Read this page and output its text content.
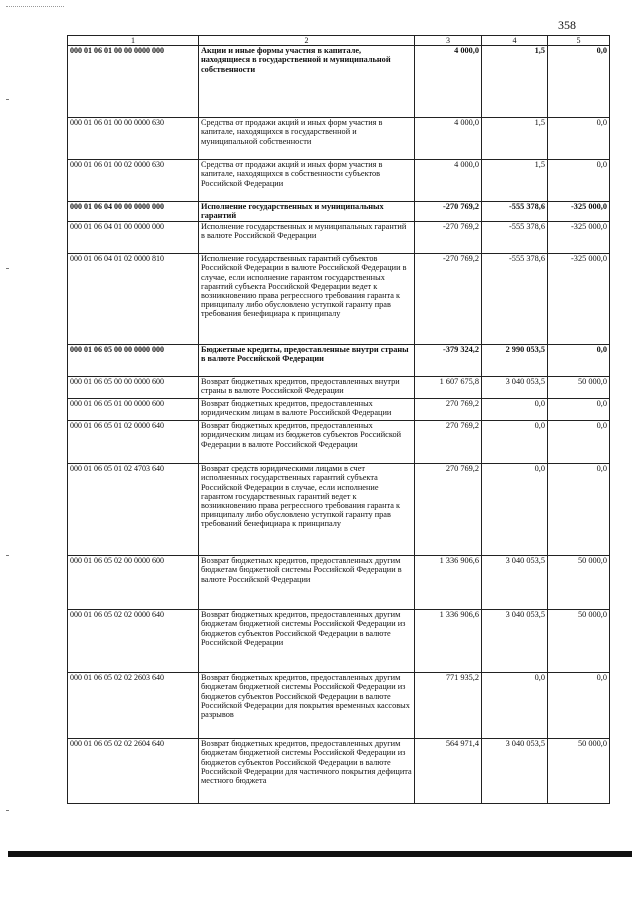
358
1	2	3	4	5
000 01 06 01 00 00 0000 000	Акции и иные формы участия в капитале, находящиеся в государственной и муниципальной собственности	4 000,0	1,5	0,0
000 01 06 01 00 00 0000 630	Средства от продажи акций и иных форм участия в капитале, находящихся в государственной и муниципальной собственности	4 000,0	1,5	0,0
000 01 06 01 00 02 0000 630	Средства от продажи акций и иных форм участия в капитале, находящихся в собственности субъектов Российской Федерации	4 000,0	1,5	0,0
000 01 06 04 00 00 0000 000	Исполнение государственных и муниципальных гарантий	-270 769,2	-555 378,6	-325 000,0
000 01 06 04 01 00 0000 000	Исполнение государственных и муниципальных гарантий в валюте Российской Федерации	-270 769,2	-555 378,6	-325 000,0
000 01 06 04 01 02 0000 810	Исполнение государственных гарантий субъектов Российской Федерации в валюте Российской Федерации в случае, если исполнение гарантом государственных гарантий субъекта Российской Федерации ведет к возникновению права регрессного требования гаранта к принципалу либо обусловлено уступкой гаранту прав требования бенефициара к принципалу	-270 769,2	-555 378,6	-325 000,0
000 01 06 05 00 00 0000 000	Бюджетные кредиты, предоставленные внутри страны в валюте Российской Федерации	-379 324,2	2 990 053,5	0,0
000 01 06 05 00 00 0000 600	Возврат бюджетных кредитов, предоставленных внутри страны в валюте Российской Федерации	1 607 675,8	3 040 053,5	50 000,0
000 01 06 05 01 00 0000 600	Возврат бюджетных кредитов, предоставленных юридическим лицам в валюте Российской Федерации	270 769,2	0,0	0,0
000 01 06 05 01 02 0000 640	Возврат бюджетных кредитов, предоставленных юридическим лицам из бюджетов субъектов Российской Федерации в валюте Российской Федерации	270 769,2	0,0	0,0
000 01 06 05 01 02 4703 640	Возврат средств юридическими лицами в счет исполненных государственных гарантий субъекта Российской Федерации в случае, если исполнение гарантом государственных гарантий ведет к возникновению права регрессного требования гаранта к принципалу либо обусловлено уступкой гаранту прав требований бенефициара к принципалу	270 769,2	0,0	0,0
000 01 06 05 02 00 0000 600	Возврат бюджетных кредитов, предоставленных другим бюджетам бюджетной системы Российской Федерации в валюте Российской Федерации	1 336 906,6	3 040 053,5	50 000,0
000 01 06 05 02 02 0000 640	Возврат бюджетных кредитов, предоставленных другим бюджетам бюджетной системы Российской Федерации из бюджетов субъектов Российской Федерации в валюте Российской Федерации	1 336 906,6	3 040 053,5	50 000,0
000 01 06 05 02 02 2603 640	Возврат бюджетных кредитов, предоставленных другим бюджетам бюджетной системы Российской Федерации из бюджетов субъектов Российской Федерации в валюте Российской Федерации для покрытия временных кассовых разрывов	771 935,2	0,0	0,0
000 01 06 05 02 02 2604 640	Возврат бюджетных кредитов, предоставленных другим бюджетам бюджетной системы Российской Федерации из бюджетов субъектов Российской Федерации в валюте Российской Федерации для частичного покрытия дефицита местного бюджета	564 971,4	3 040 053,5	50 000,0
